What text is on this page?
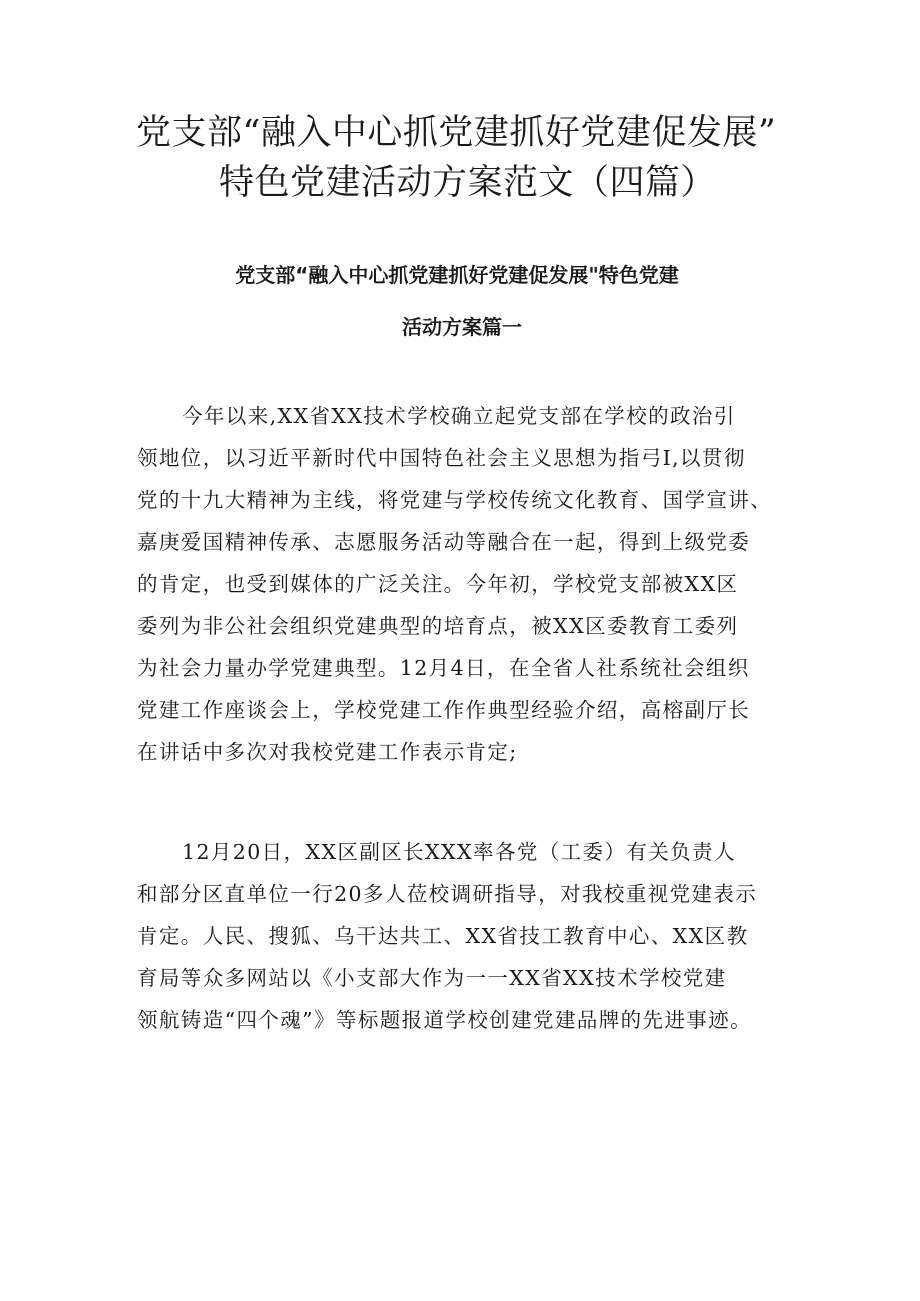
党支部“融入中心抓党建抓好党建促发展”
特色党建活动方案范文（四篇）
党支部“融入中心抓党建抓好党建促发展"特色党建
活动方案篇一
今年以来,XX省XX技术学校确立起党支部在学校的政治引
领地位，以习近平新时代中国特色社会主义思想为指弓I,以贯彻
党的十九大精神为主线，将党建与学校传统文化教育、国学宣讲、
嘉庚爱国精神传承、志愿服务活动等融合在一起，得到上级党委
的肯定，也受到媒体的广泛关注。今年初，学校党支部被XX区
委列为非公社会组织党建典型的培育点，被XX区委教育工委列
为社会力量办学党建典型。12月4日，在全省人社系统社会组织
党建工作座谈会上，学校党建工作作典型经验介绍，高榕副厅长
在讲话中多次对我校党建工作表示肯定;
12月20日，XX区副区长XXX率各党（工委）有关负责人
和部分区直单位一行20多人莅校调研指导，对我校重视党建表示
肯定。人民、搜狐、乌干达共工、XX省技工教育中心、XX区教
育局等众多网站以《小支部大作为一一XX省XX技术学校党建
领航铸造“四个魂”》等标题报道学校创建党建品牌的先进事迹。
